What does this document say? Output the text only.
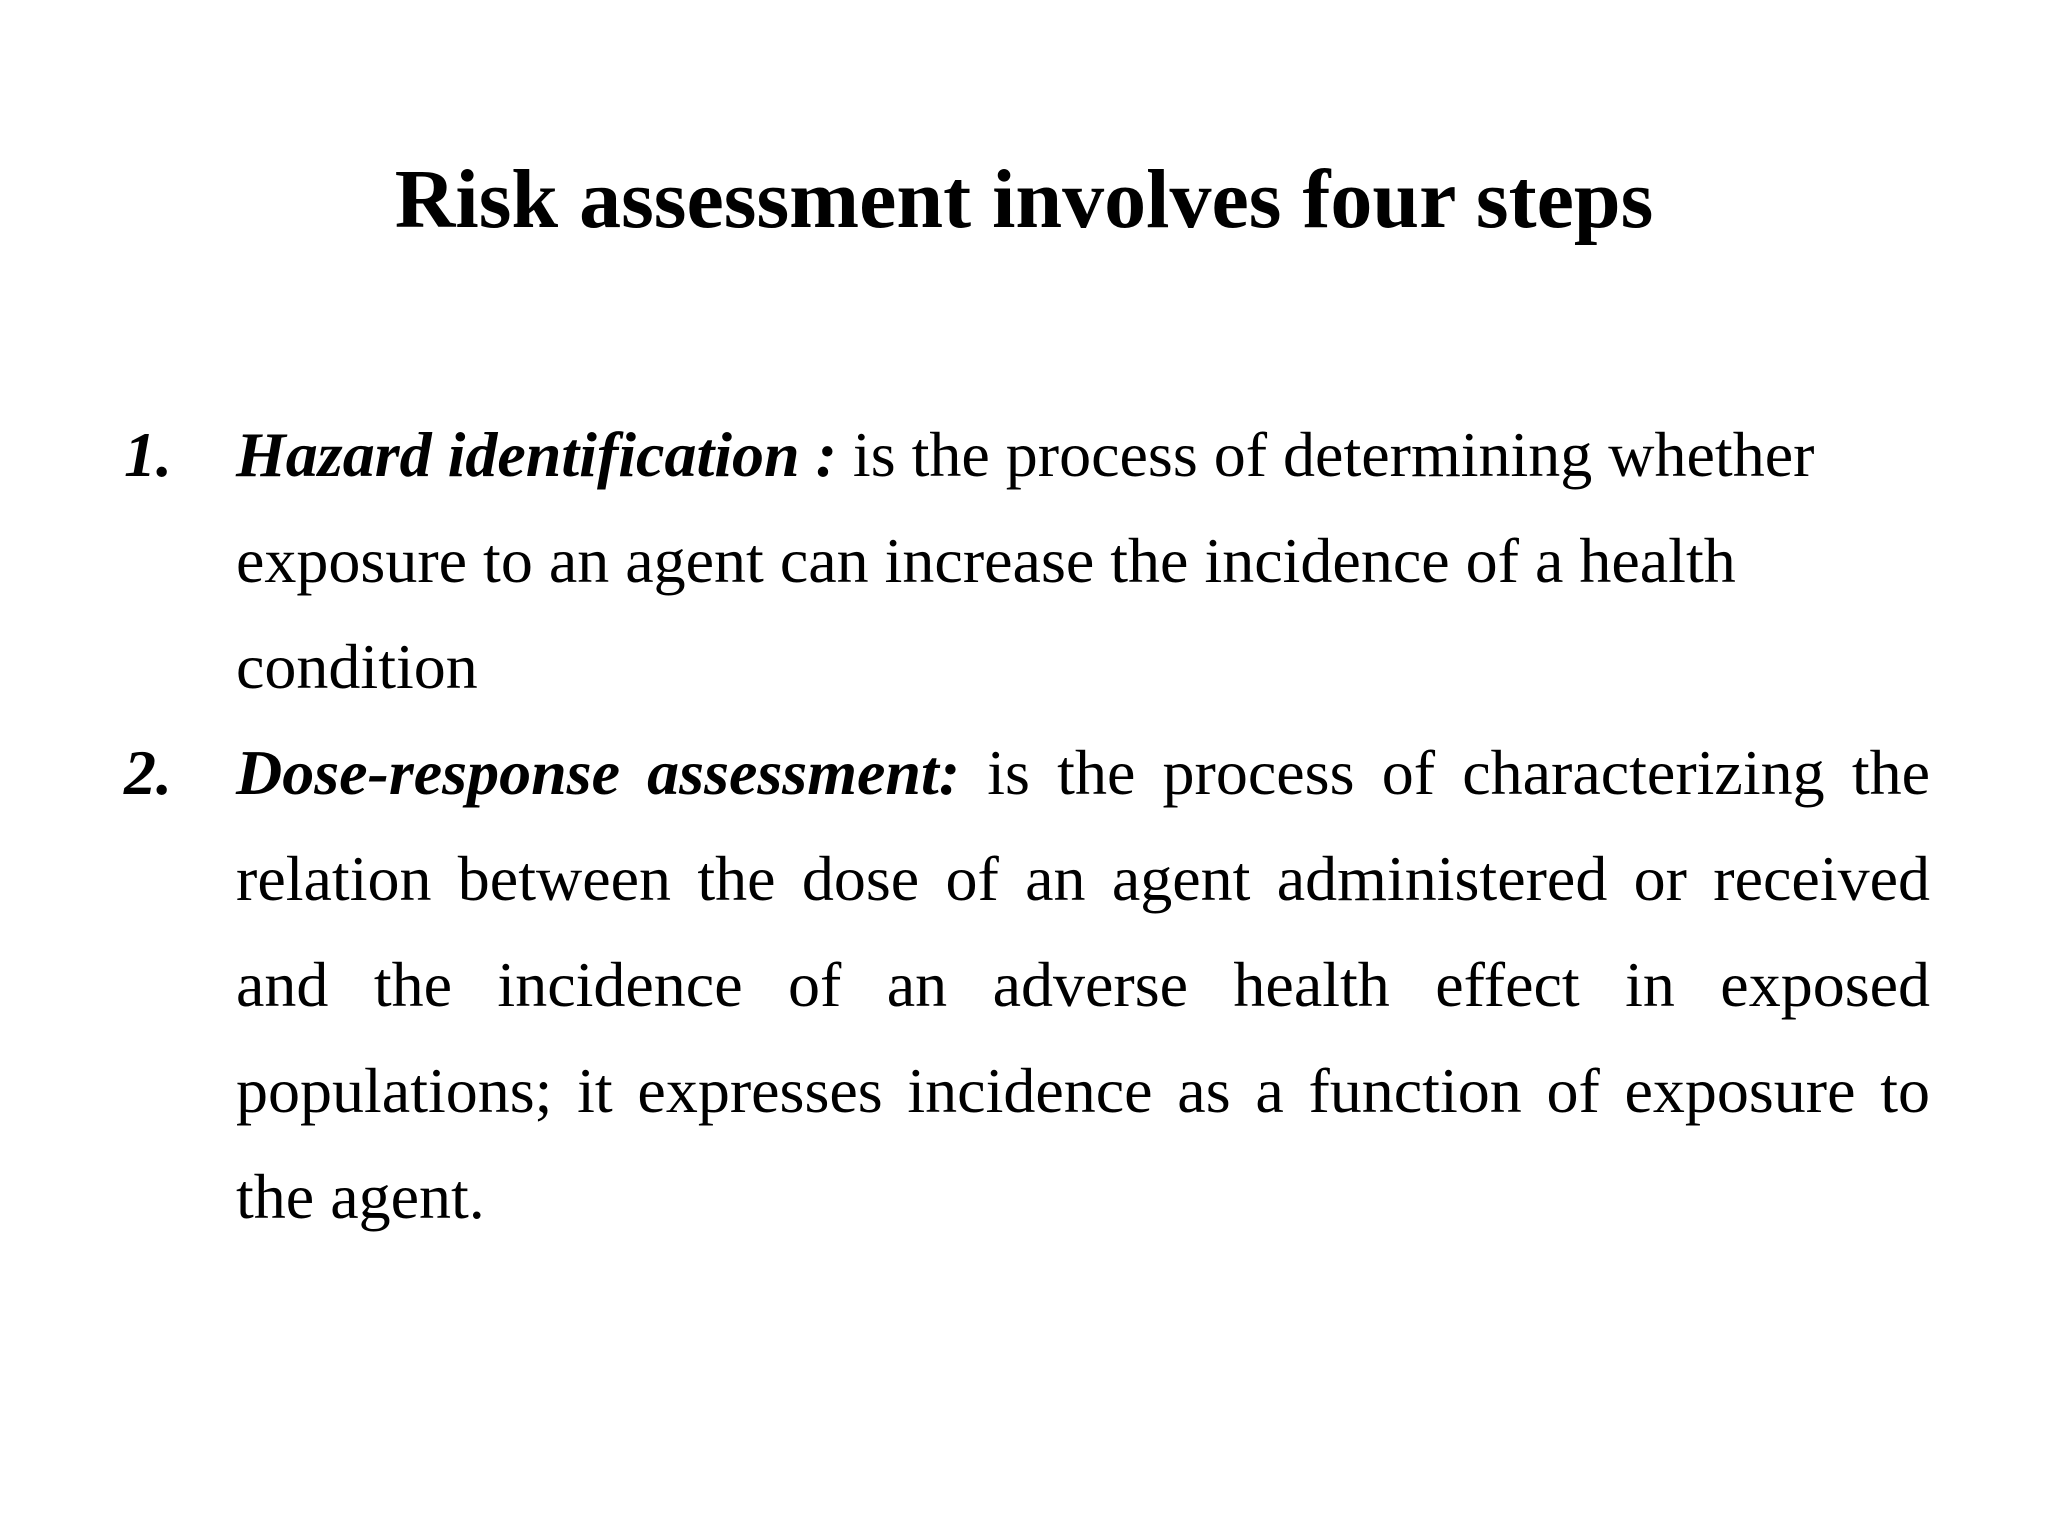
Risk assessment involves four steps
1. Hazard identification : is the process of determining whether exposure to an agent can increase the incidence of a health condition
2. Dose-response assessment: is the process of characterizing the relation between the dose of an agent administered or received and the incidence of an adverse health effect in exposed populations; it expresses incidence as a function of exposure to the agent.
